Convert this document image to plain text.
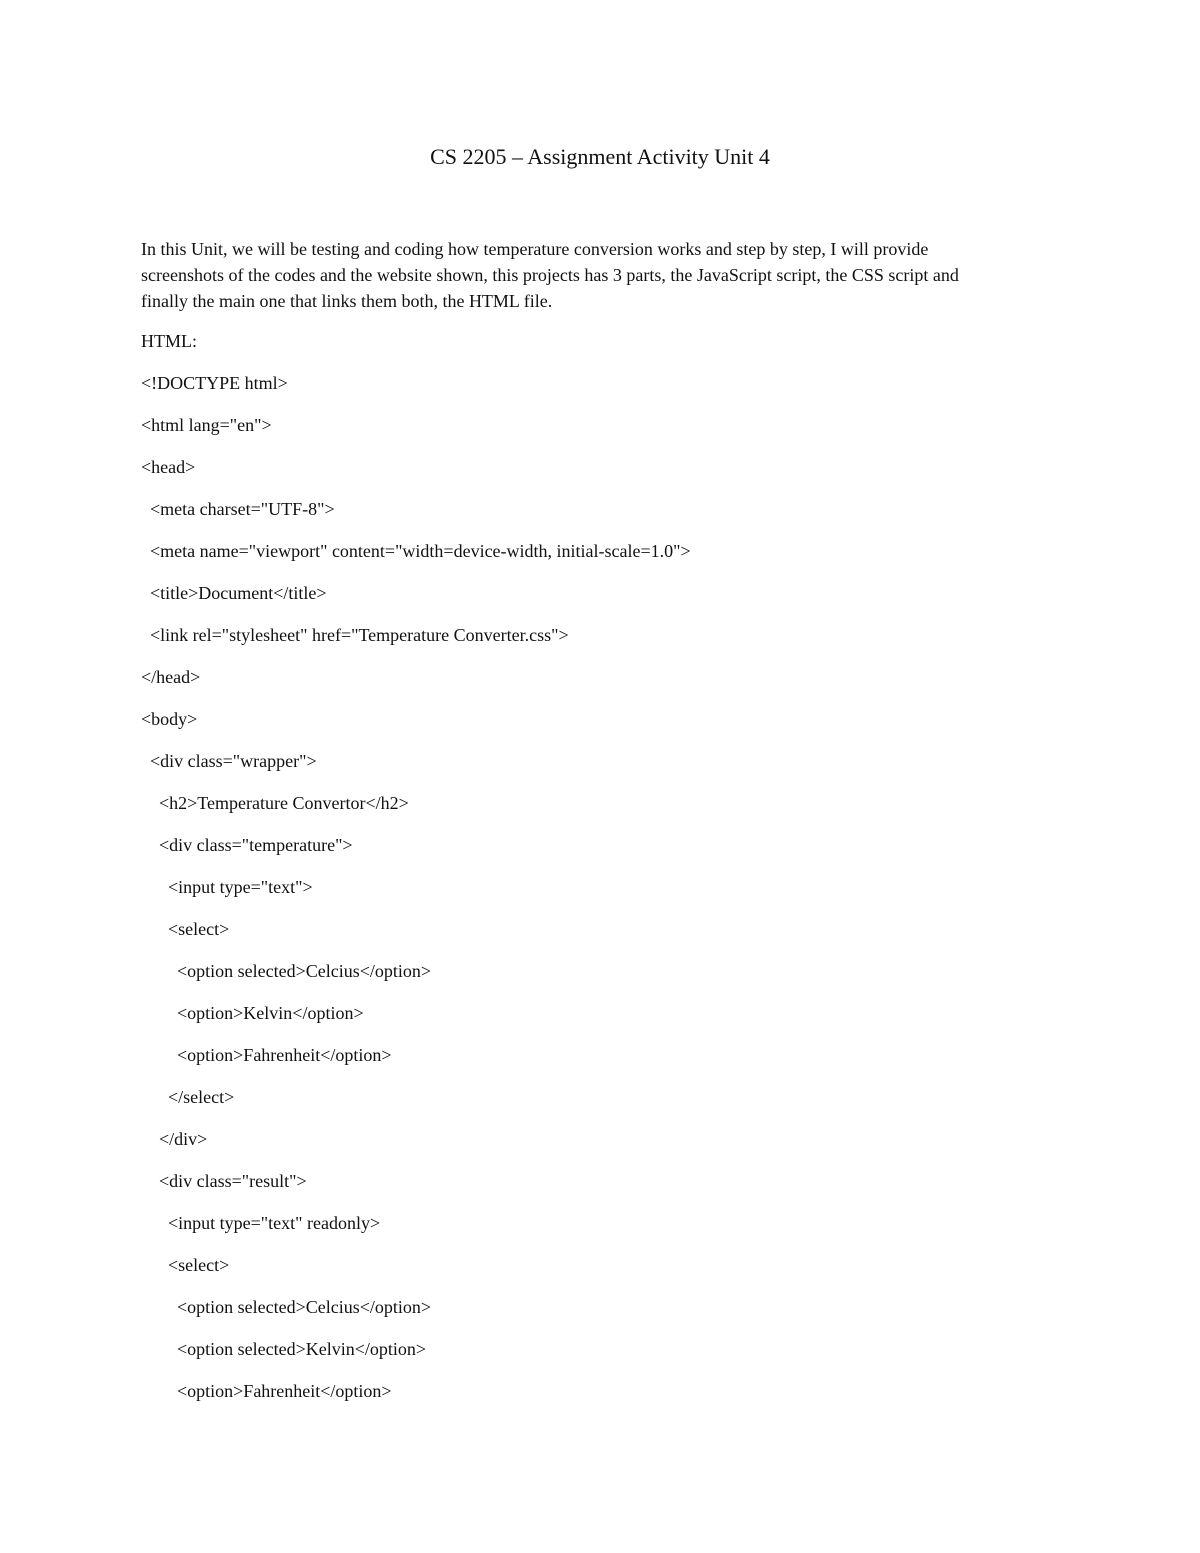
CS 2205 – Assignment Activity Unit 4
In this Unit, we will be testing and coding how temperature conversion works and step by step, I will provide
screenshots of the codes and the website shown, this projects has 3 parts, the JavaScript script, the CSS script and
finally the main one that links them both, the HTML file.
HTML:
<!DOCTYPE html>
<html lang="en">
<head>
<meta charset="UTF-8">
<meta name="viewport" content="width=device-width, initial-scale=1.0">
<title>Document</title>
<link rel="stylesheet" href="Temperature Converter.css">
</head>
<body>
<div class="wrapper">
<h2>Temperature Convertor</h2>
<div class="temperature">
<input type="text">
<select>
<option selected>Celcius</option>
<option>Kelvin</option>
<option>Fahrenheit</option>
</select>
</div>
<div class="result">
<input type="text" readonly>
<select>
<option selected>Celcius</option>
<option selected>Kelvin</option>
<option>Fahrenheit</option>
